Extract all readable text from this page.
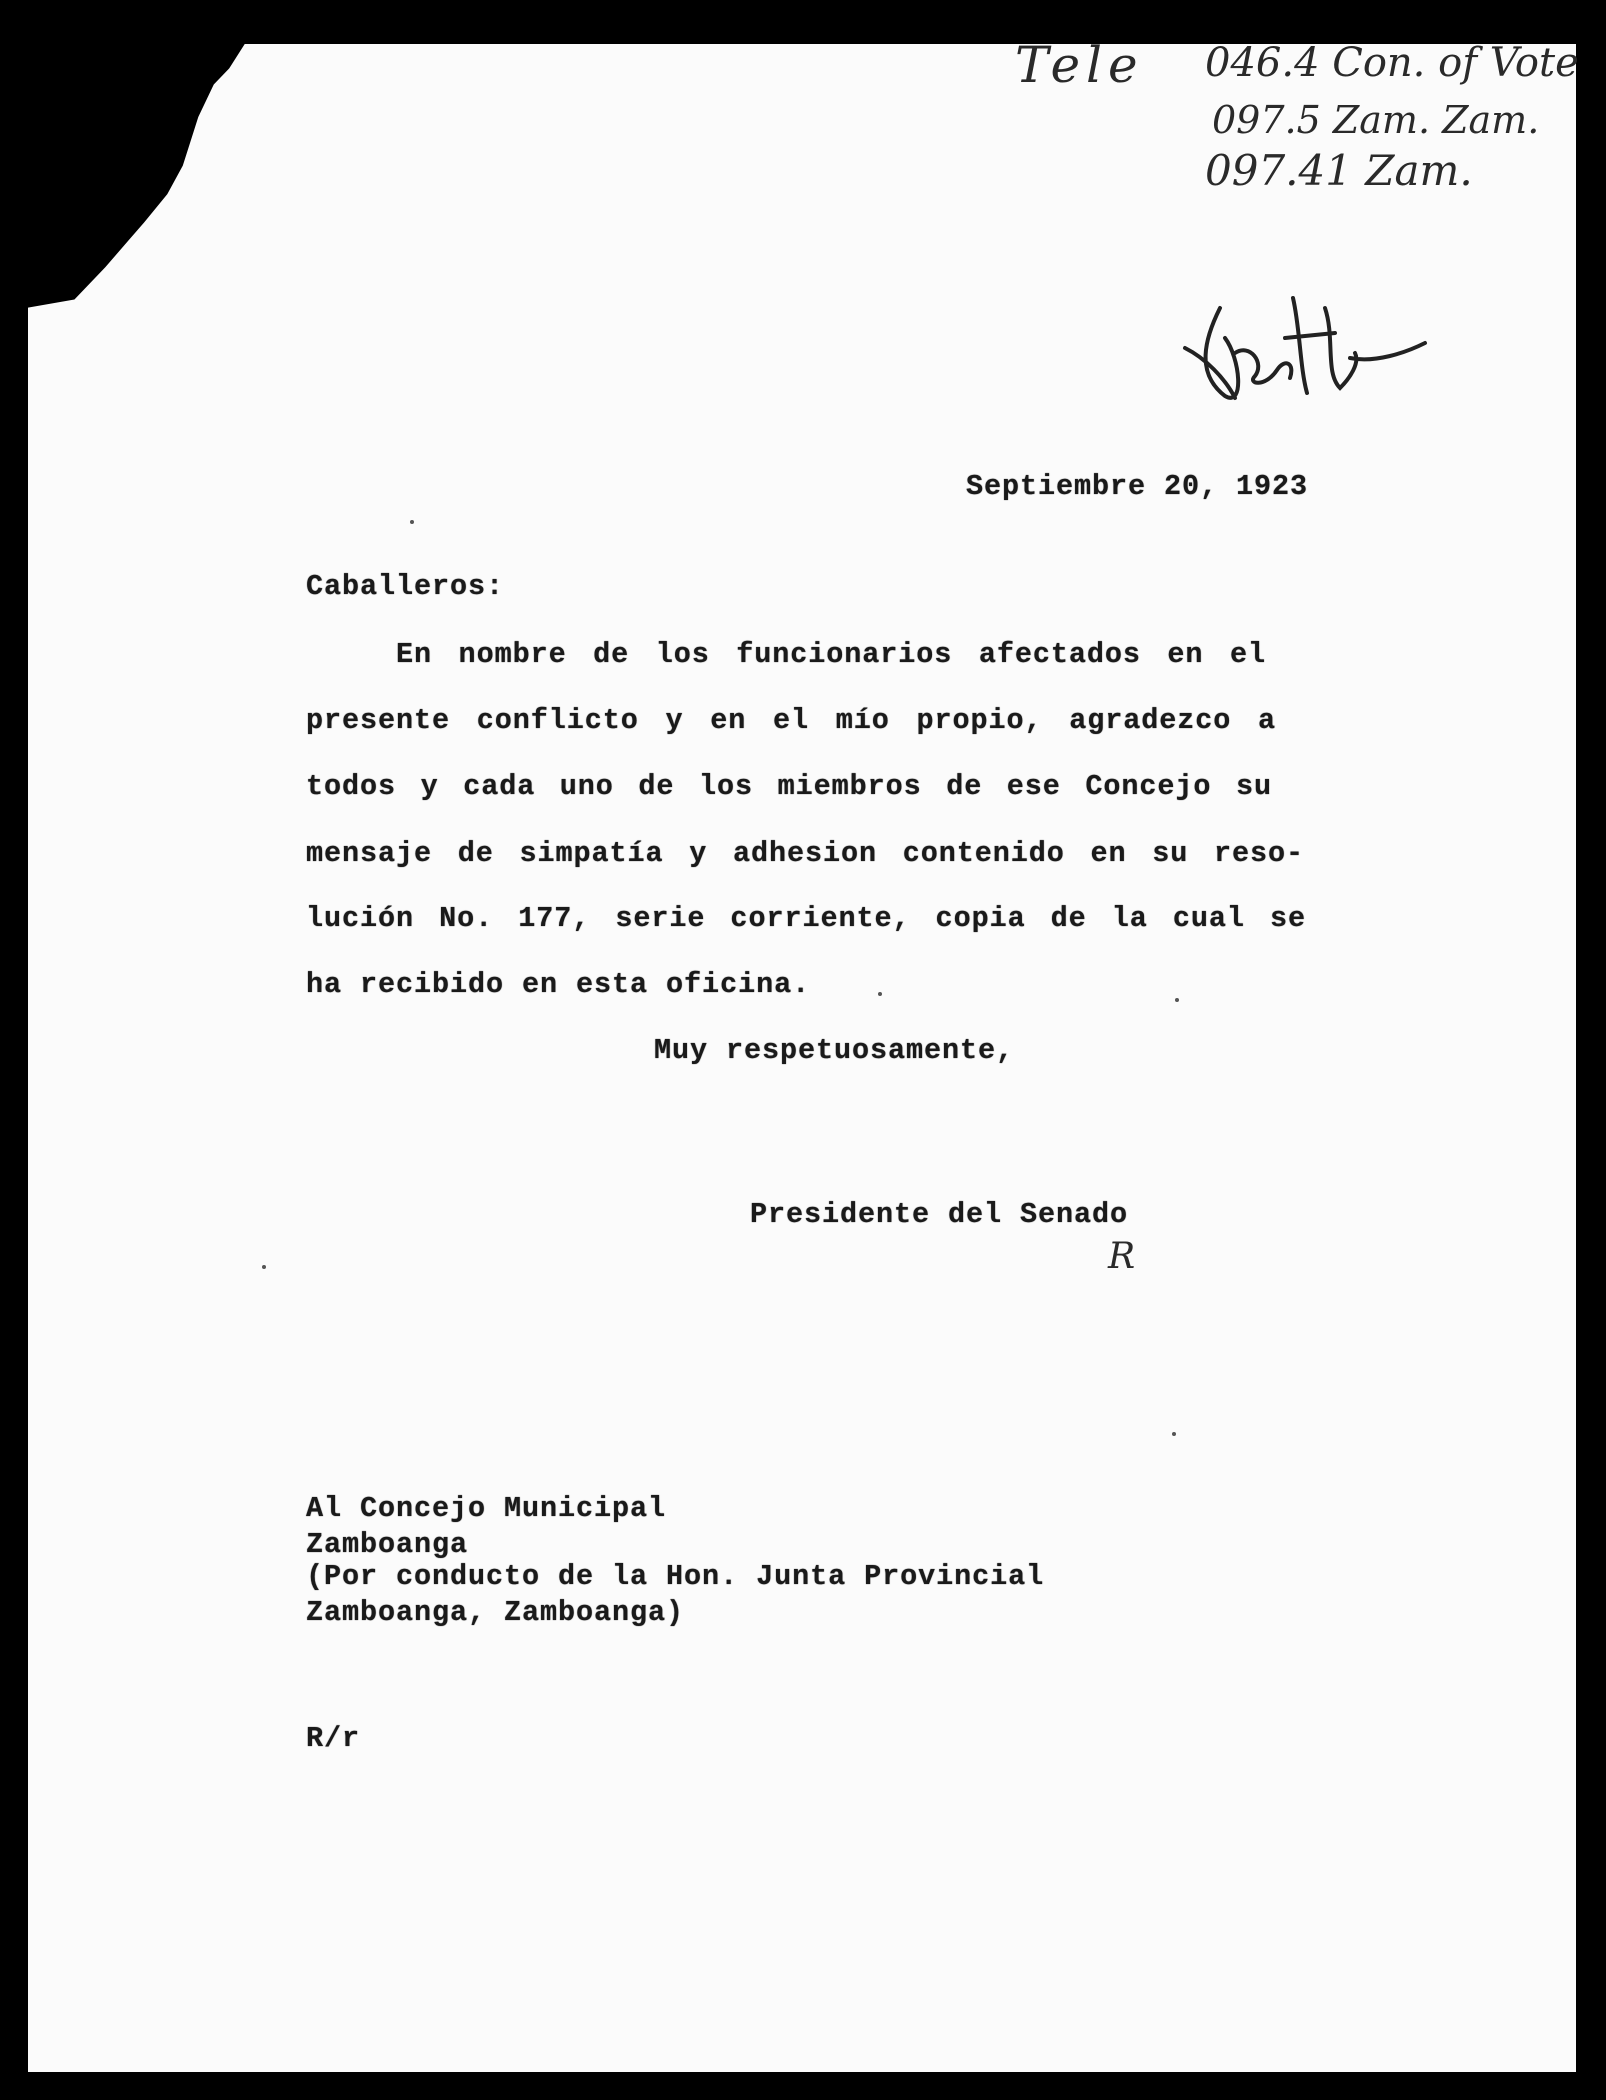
Tele 046.4 Con. of Vote
097.5 Zam. Zam.
097.41 Zam.
Septiembre 20, 1923
Caballeros:
En nombre de los funcionarios afectados en el
presente conflicto y en el mío propio, agradezco a
todos y cada uno de los miembros de ese Concejo su
mensaje de simpatía y adhesion contenido en su reso-
lución No. 177, serie corriente, copia de la cual se
ha recibido en esta oficina.
Muy respetuosamente,
Presidente del Senado
R
Al Concejo Municipal
Zamboanga
(Por conducto de la Hon. Junta Provincial
Zamboanga, Zamboanga)
R/r
